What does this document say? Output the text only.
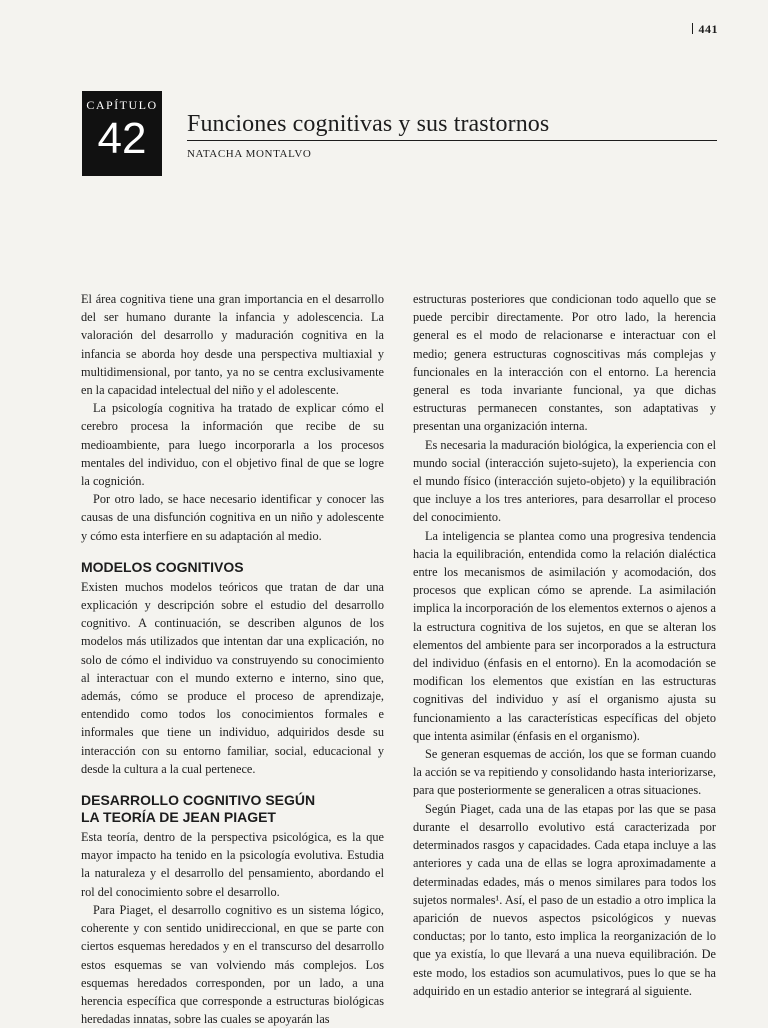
441
CAPÍTULO
42	Funciones cognitivas y sus trastornos
NATACHA MONTALVO

El área cognitiva tiene una gran importancia en el desarrollo del ser humano durante la infancia y adolescencia. La valoración del desarrollo y maduración cognitiva en la infancia se aborda hoy desde una perspectiva multiaxial y multidimensional, por tanto, ya no se centra exclusivamente en la capacidad intelectual del niño y el adolescente.

La psicología cognitiva ha tratado de explicar cómo el cerebro procesa la información que recibe de su medioambiente, para luego incorporarla a los procesos mentales del individuo, con el objetivo final de que se logre la cognición.

Por otro lado, se hace necesario identificar y conocer las causas de una disfunción cognitiva en un niño y adolescente y cómo esta interfiere en su adaptación al medio.

MODELOS COGNITIVOS

Existen muchos modelos teóricos que tratan de dar una explicación y descripción sobre el estudio del desarrollo cognitivo. A continuación, se describen algunos de los modelos más utilizados que intentan dar una explicación, no solo de cómo el individuo va construyendo su conocimiento al interactuar con el mundo externo e interno, sino que, además, cómo se produce el proceso de aprendizaje, entendido como todos los conocimientos formales e informales que tiene un individuo, adquiridos desde su interacción con su entorno familiar, social, educacional y desde la cultura a la cual pertenece.

DESARROLLO COGNITIVO SEGÚN
LA TEORÍA DE JEAN PIAGET

Esta teoría, dentro de la perspectiva psicológica, es la que mayor impacto ha tenido en la psicología evolutiva. Estudia la naturaleza y el desarrollo del pensamiento, abordando el rol del conocimiento sobre el desarrollo.

Para Piaget, el desarrollo cognitivo es un sistema lógico, coherente y con sentido unidireccional, en que se parte con ciertos esquemas heredados y en el transcurso del desarrollo estos esquemas se van volviendo más complejos. Los esquemas heredados corresponden, por un lado, a una herencia específica que corresponde a estructuras biológicas heredadas innatas, sobre las cuales se apoyarán las

estructuras posteriores que condicionan todo aquello que se puede percibir directamente. Por otro lado, la herencia general es el modo de relacionarse e interactuar con el medio; genera estructuras cognoscitivas más complejas y funcionales en la interacción con el entorno. La herencia general es toda invariante funcional, ya que dichas estructuras permanecen constantes, son adaptativas y presentan una organización interna.

Es necesaria la maduración biológica, la experiencia con el mundo social (interacción sujeto-sujeto), la experiencia con el mundo físico (interacción sujeto-objeto) y la equilibración que incluye a los tres anteriores, para desarrollar el proceso del conocimiento.

La inteligencia se plantea como una progresiva tendencia hacia la equilibración, entendida como la relación dialéctica entre los mecanismos de asimilación y acomodación, dos procesos que explican cómo se aprende. La asimilación implica la incorporación de los elementos externos o ajenos a la estructura cognitiva de los sujetos, en que se alteran los elementos del ambiente para ser incorporados a la estructura del individuo (énfasis en el entorno). En la acomodación se modifican los elementos que existían en las estructuras cognitivas del individuo y así el organismo ajusta su funcionamiento a las características específicas del objeto que intenta asimilar (énfasis en el organismo).

Se generan esquemas de acción, los que se forman cuando la acción se va repitiendo y consolidando hasta interiorizarse, para que posteriormente se generalicen a otras situaciones.

Según Piaget, cada una de las etapas por las que se pasa durante el desarrollo evolutivo está caracterizada por determinados rasgos y capacidades. Cada etapa incluye a las anteriores y cada una de ellas se logra aproximadamente a determinadas edades, más o menos similares para todos los sujetos normales¹. Así, el paso de un estadio a otro implica la aparición de nuevos aspectos psicológicos y nuevas conductas; por lo tanto, esto implica la reorganización de lo que ya existía, lo que llevará a una nueva equilibración. De este modo, los estadios son acumulativos, pues lo que se ha adquirido en un estadio anterior se integrará al siguiente.
